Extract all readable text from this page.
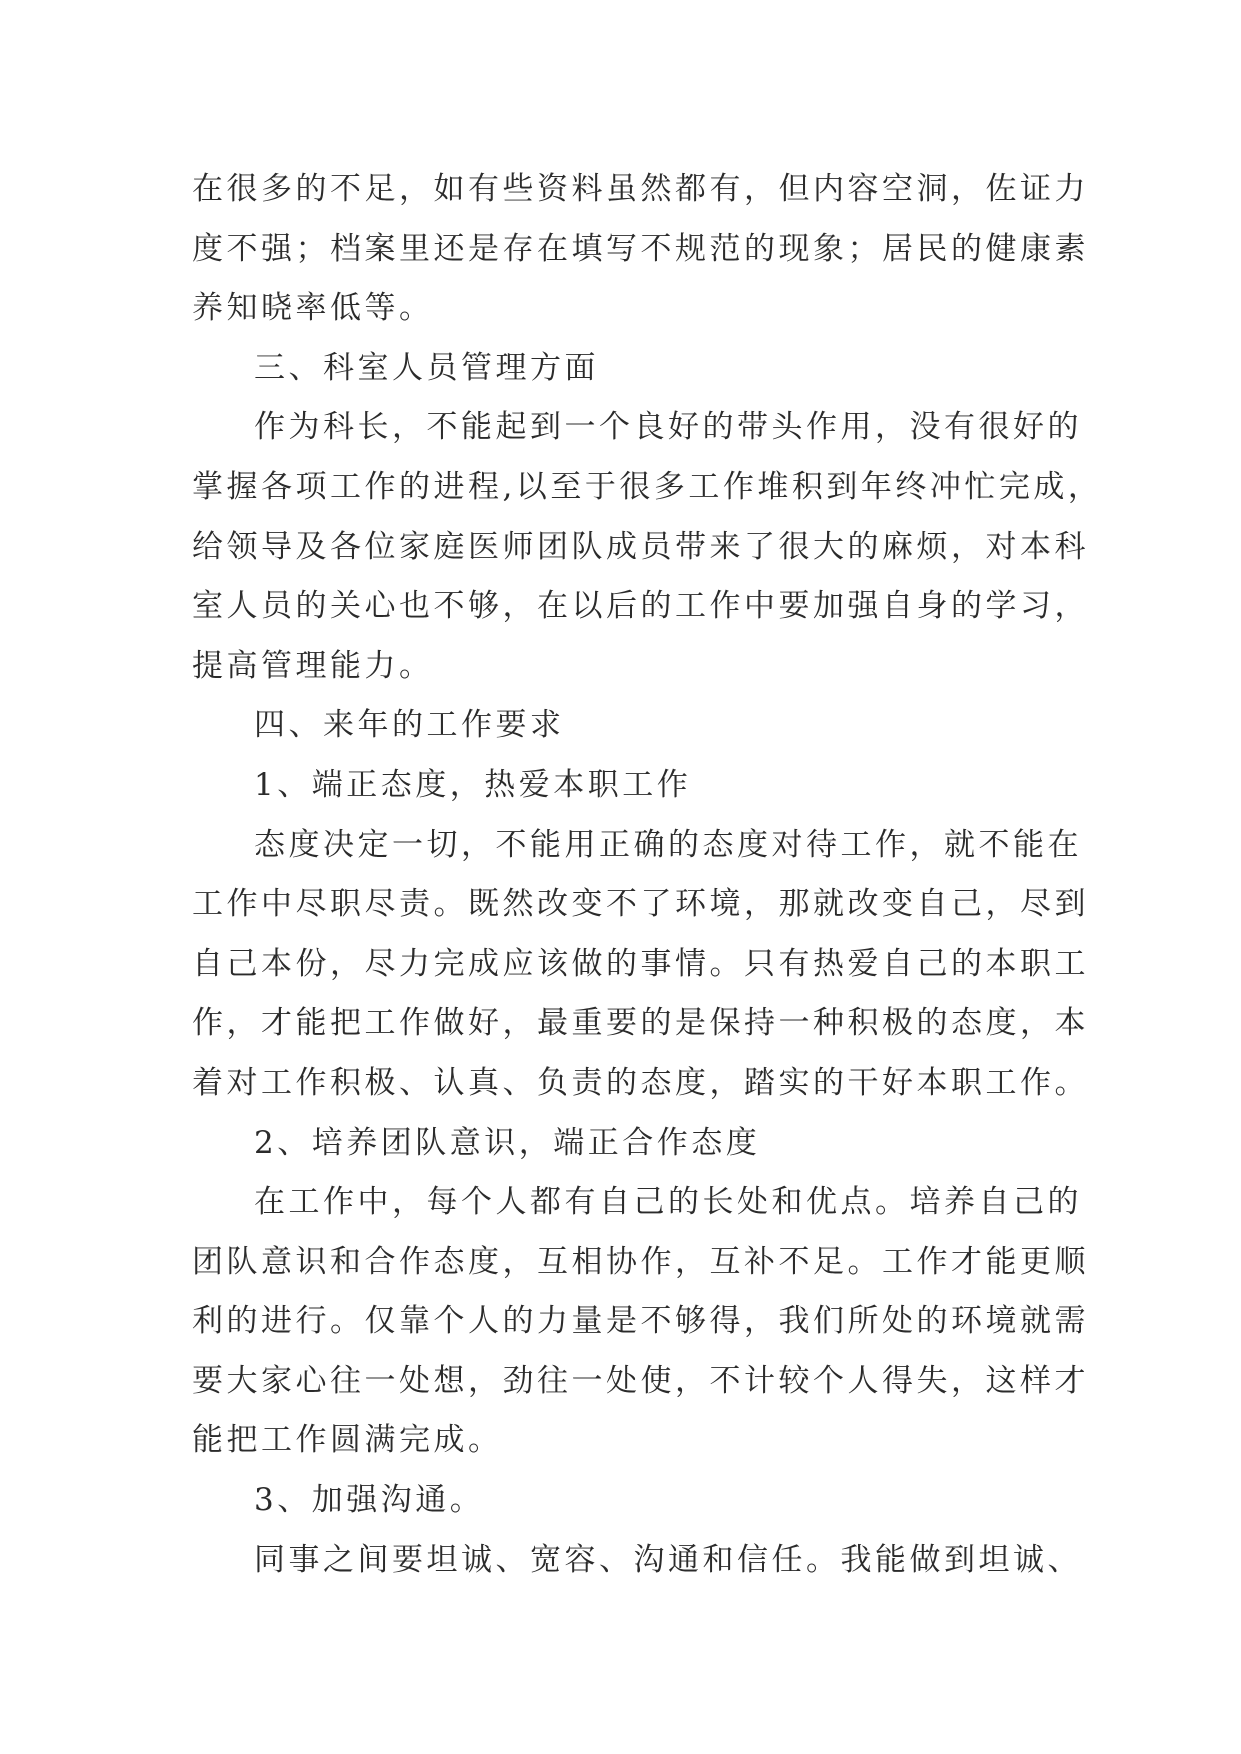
在很多的不足，如有些资料虽然都有，但内容空洞，佐证力
度不强；档案里还是存在填写不规范的现象；居民的健康素
养知晓率低等。
三、科室人员管理方面
作为科长，不能起到一个良好的带头作用，没有很好的
掌握各项工作的进程,以至于很多工作堆积到年终冲忙完成，
给领导及各位家庭医师团队成员带来了很大的麻烦，对本科
室人员的关心也不够，在以后的工作中要加强自身的学习，
提高管理能力。
四、来年的工作要求
1、端正态度，热爱本职工作
态度决定一切，不能用正确的态度对待工作，就不能在
工作中尽职尽责。既然改变不了环境，那就改变自己，尽到
自己本份，尽力完成应该做的事情。只有热爱自己的本职工
作，才能把工作做好，最重要的是保持一种积极的态度，本
着对工作积极、认真、负责的态度，踏实的干好本职工作。
2、培养团队意识，端正合作态度
在工作中，每个人都有自己的长处和优点。培养自己的
团队意识和合作态度，互相协作，互补不足。工作才能更顺
利的进行。仅靠个人的力量是不够得，我们所处的环境就需
要大家心往一处想，劲往一处使，不计较个人得失，这样才
能把工作圆满完成。
3、加强沟通。
同事之间要坦诚、宽容、沟通和信任。我能做到坦诚、
